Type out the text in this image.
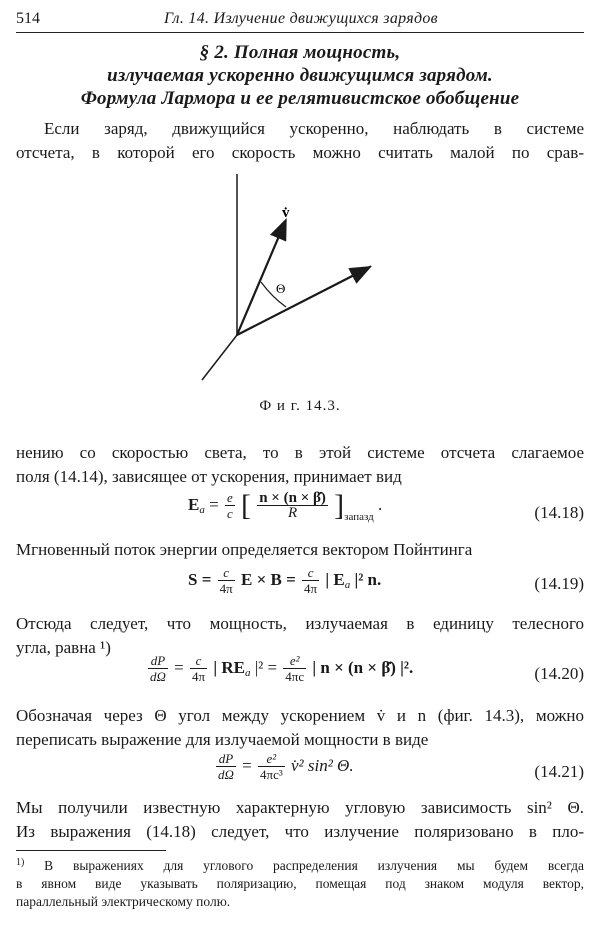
514	Гл. 14. Излучение движущихся зарядов
§ 2. Полная мощность,
излучаемая ускоренно движущимся зарядом.
Формула Лармора и ее релятивистское обобщение
Если заряд, движущийся ускоренно, наблюдать в системе
отсчета, в которой его скорость можно считать малой по срав-
v̇
Θ
Ф и г. 14.3.
нению со скоростью света, то в этой системе отсчета слагаемое
поля (14.14), зависящее от ускорения, принимает вид
$E_a = \frac{e}{c}$ [ $\frac{n \times (n \times \betȧ)}{R} ]_{запазд}$ .	(14.18)
Мгновенный поток энергии определяется вектором Пойнтинга
$S = \frac{c}{4\pi}$ $E \times B = \frac{c}{4\pi}$ | $E_a$ |² n.	(14.19)
Отсюда следует, что мощность, излучаемая в единицу телесного
угла, равна ¹)
$\frac{dP}{d\Omega} = \frac{c}{4\pi}$ | $RE_a$ $|^2 = \frac{\text{e²}}{4\pi c}$ | n × (n × β̇) |².	(14.20)
Обозначая через Θ угол между ускорением v̇ и n (фиг. 14.3), можно
переписать выражение для излучаемой мощности в виде
$\frac{dP}{d\Omega} = \frac{\text{e²}}{\text{4πc³}}$ v̇² sin² Θ.	(14.21)
Мы получили известную характерную угловую зависимость sin² Θ.
Из выражения (14.18) следует, что излучение поляризовано в пло-
$^{1)}$ В выражениях для углового распределения излучения мы будем всегда
в явном виде указывать поляризацию, помещая под знаком модуля вектор,
параллельный электрическому полю.
